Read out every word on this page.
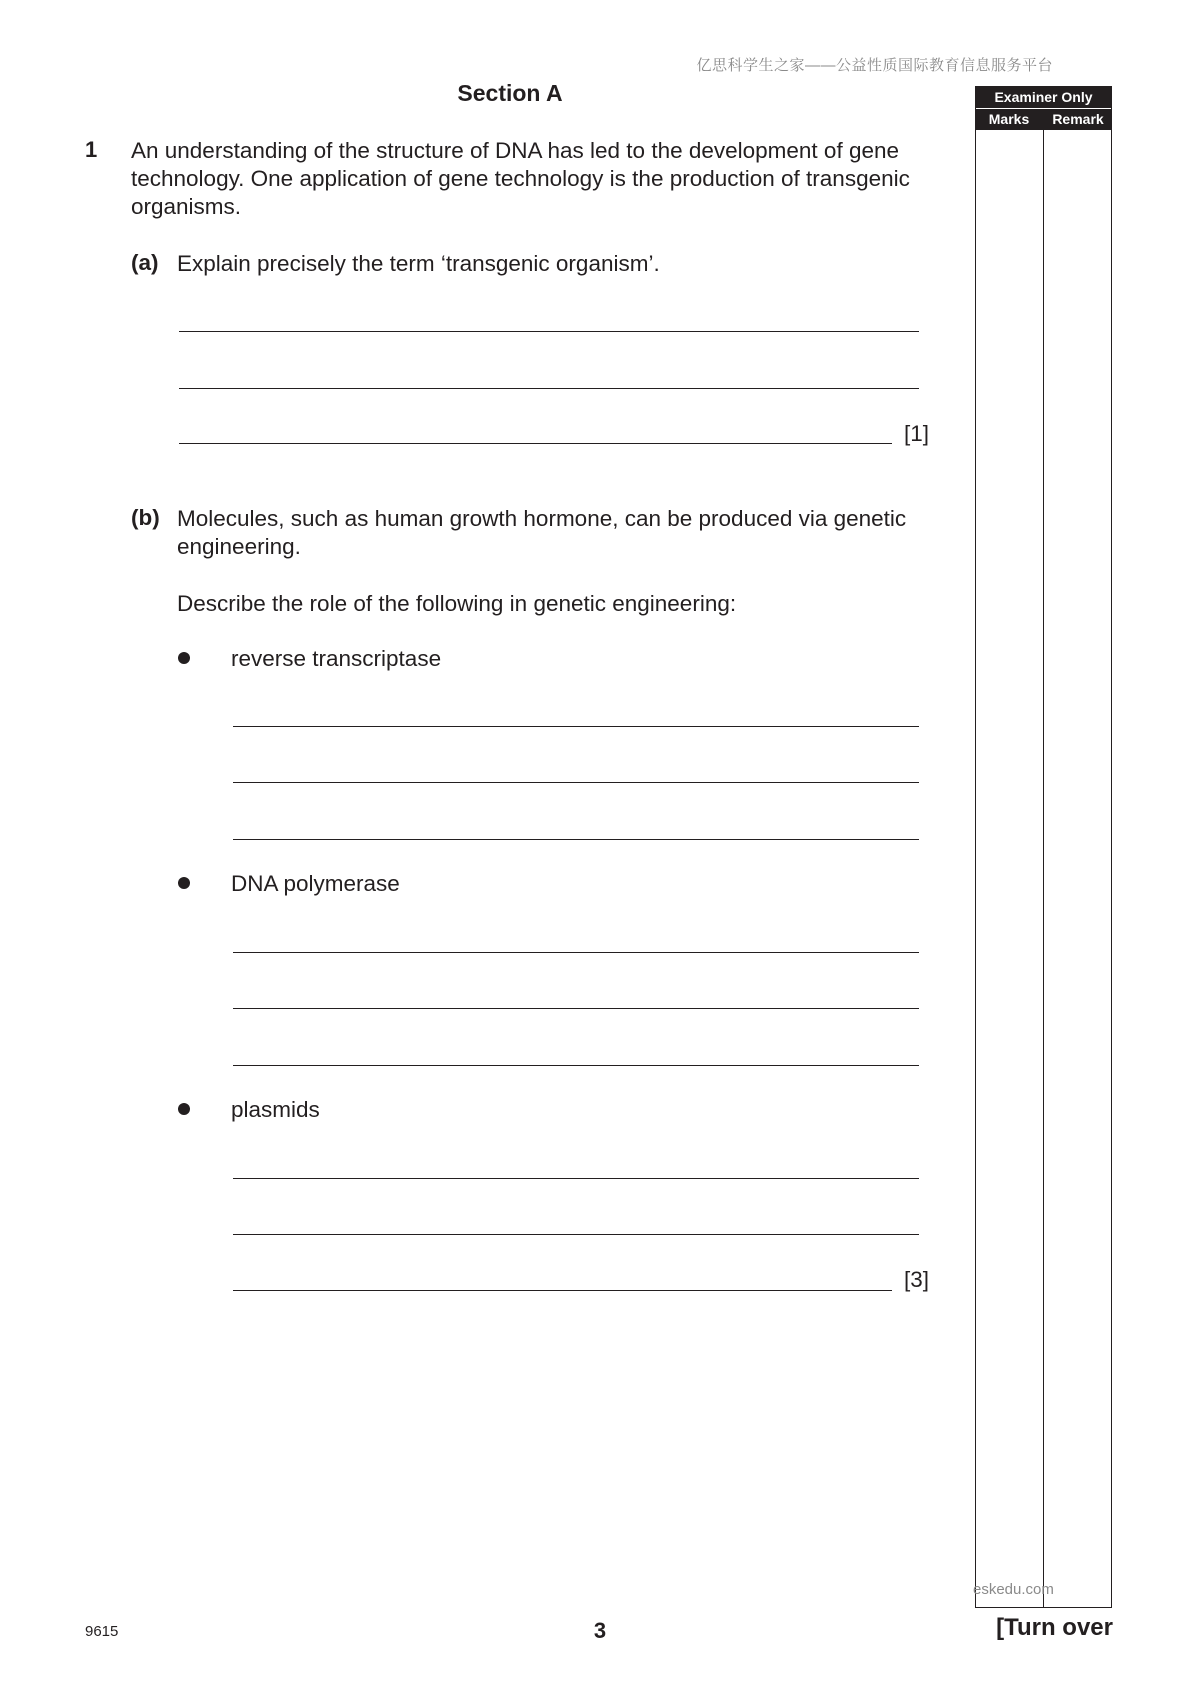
亿思科学生之家——公益性质国际教育信息服务平台
Section A
1 An understanding of the structure of DNA has led to the development of gene technology. One application of gene technology is the production of transgenic organisms.
(a) Explain precisely the term ‘transgenic organism’.
[1]
(b) Molecules, such as human growth hormone, can be produced via genetic engineering.
Describe the role of the following in genetic engineering:
reverse transcriptase
DNA polymerase
plasmids
[3]
Examiner Only
Marks	Remark
eskedu.com
9615	3	[Turn over
